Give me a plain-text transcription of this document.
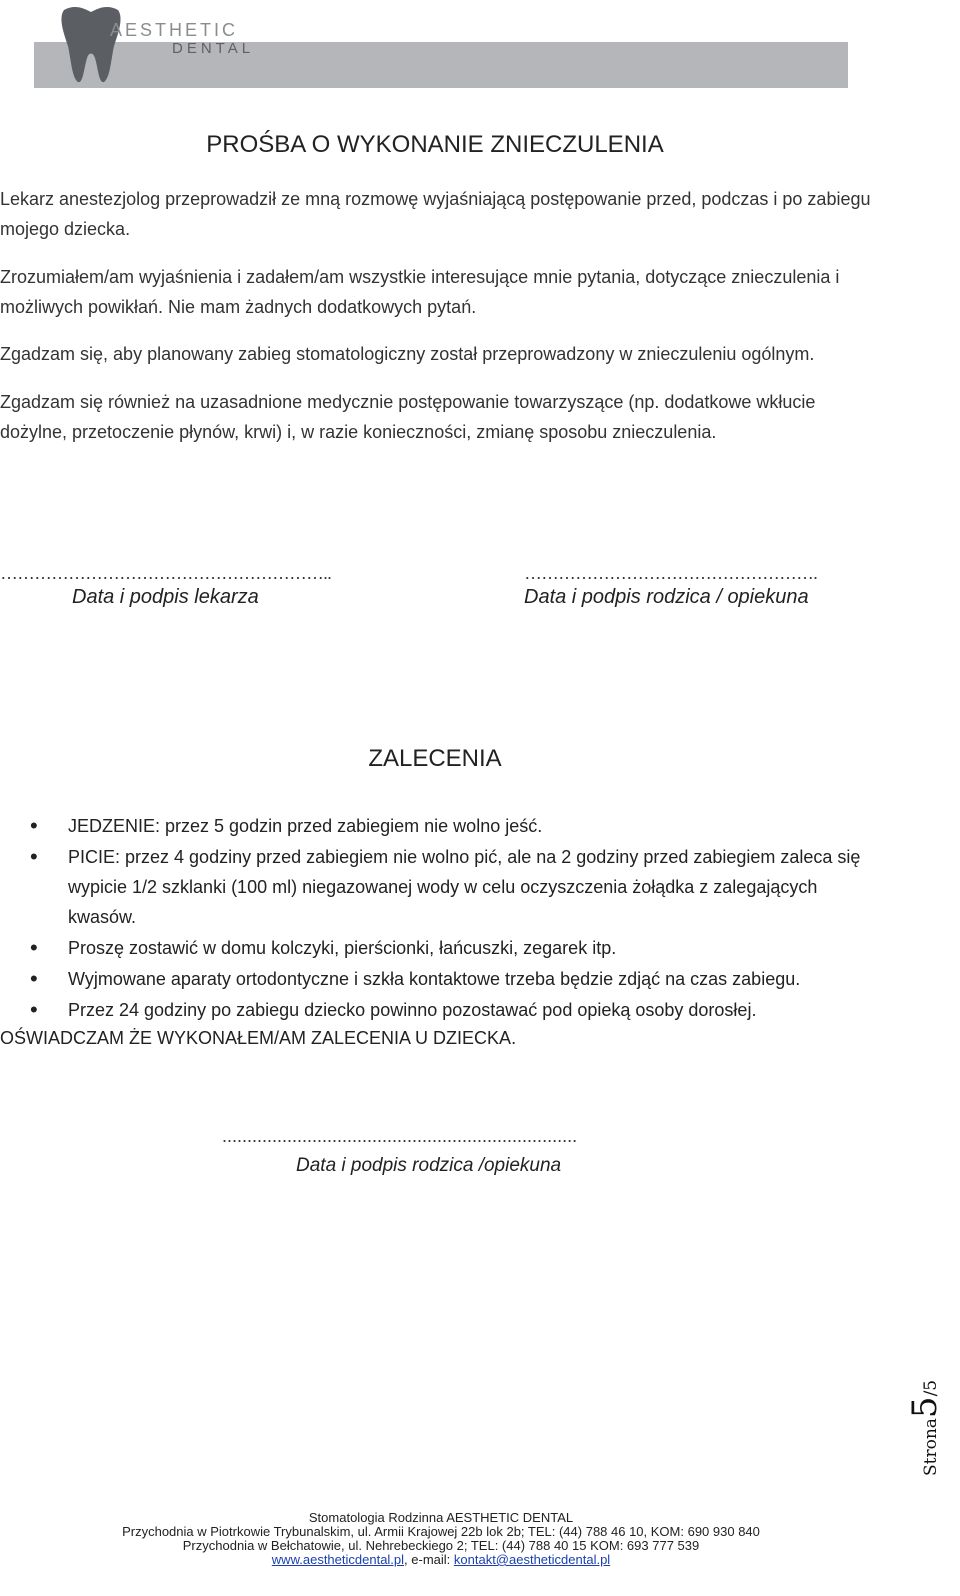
AESTHETIC
DENTAL
PROŚBA O WYKONANIE ZNIECZULENIA
Lekarz anestezjolog przeprowadził ze mną rozmowę wyjaśniającą postępowanie przed, podczas i po zabiegu mojego dziecka.
Zrozumiałem/am wyjaśnienia i zadałem/am wszystkie interesujące mnie pytania, dotyczące znieczulenia i możliwych powikłań. Nie mam żadnych dodatkowych pytań.
Zgadzam się, aby planowany zabieg stomatologiczny został przeprowadzony w znieczuleniu ogólnym.
Zgadzam się również na uzasadnione medycznie postępowanie towarzyszące (np. dodatkowe wkłucie dożylne, przetoczenie płynów, krwi) i, w razie konieczności, zmianę sposobu znieczulenia.
…………………………………………………..
Data i podpis lekarza
…………………………………………….
Data i podpis rodzica / opiekuna
ZALECENIA
• JEDZENIE: przez 5 godzin przed zabiegiem nie wolno jeść.
• PICIE: przez 4 godziny przed zabiegiem nie wolno pić, ale na 2 godziny przed zabiegiem zaleca się wypicie 1/2 szklanki (100 ml) niegazowanej wody w celu oczyszczenia żołądka z zalegających kwasów.
• Proszę zostawić w domu kolczyki, pierścionki, łańcuszki, zegarek itp.
• Wyjmowane aparaty ortodontyczne i szkła kontaktowe trzeba będzie zdjąć na czas zabiegu.
• Przez 24 godziny po zabiegu dziecko powinno pozostawać pod opieką osoby dorosłej.
OŚWIADCZAM ŻE WYKONAŁEM/AM ZALECENIA U DZIECKA.
.......................................................................
Data i podpis rodzica /opiekuna
Strona5/5
Stomatologia Rodzinna AESTHETIC DENTAL
Przychodnia w Piotrkowie Trybunalskim, ul. Armii Krajowej 22b lok 2b; TEL: (44) 788 46 10, KOM: 690 930 840
Przychodnia w Bełchatowie, ul. Nehrebeckiego 2; TEL: (44) 788 40 15 KOM: 693 777 539
www.aestheticdental.pl, e-mail: kontakt@aestheticdental.pl
